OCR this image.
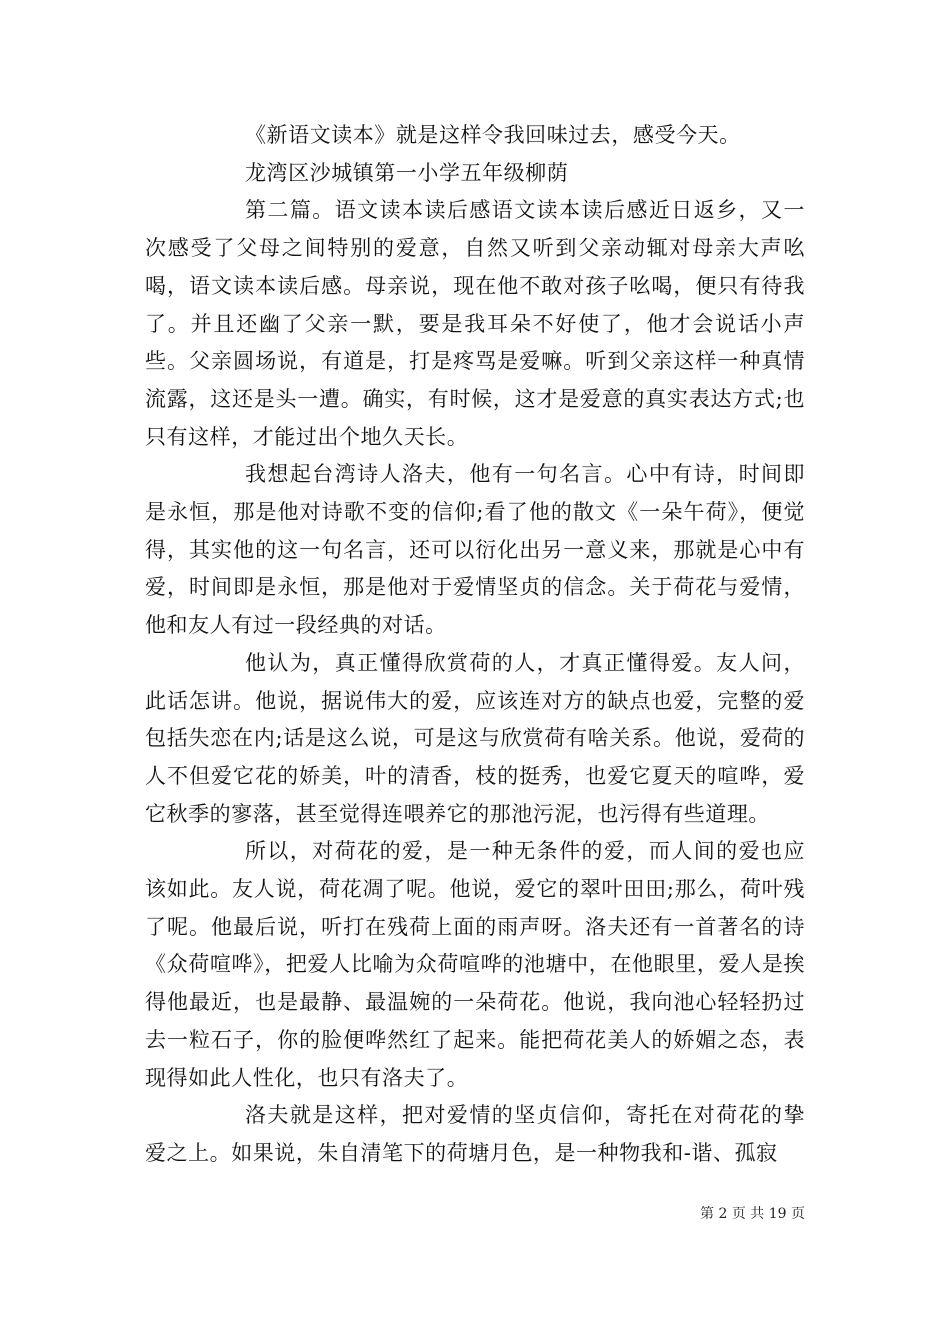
《新语文读本》就是这样令我回味过去，感受今天。

龙湾区沙城镇第一小学五年级柳荫

第二篇。语文读本读后感语文读本读后感近日返乡，又一次感受了父母之间特别的爱意，自然又听到父亲动辄对母亲大声吆喝，语文读本读后感。母亲说，现在他不敢对孩子吆喝，便只有待我了。并且还幽了父亲一默，要是我耳朵不好使了，他才会说话小声些。父亲圆场说，有道是，打是疼骂是爱嘛。听到父亲这样一种真情流露，这还是头一遭。确实，有时候，这才是爱意的真实表达方式;也只有这样，才能过出个地久天长。

我想起台湾诗人洛夫，他有一句名言。心中有诗，时间即是永恒，那是他对诗歌不变的信仰;看了他的散文《一朵午荷》，便觉得，其实他的这一句名言，还可以衍化出另一意义来，那就是心中有爱，时间即是永恒，那是他对于爱情坚贞的信念。关于荷花与爱情，他和友人有过一段经典的对话。

他认为，真正懂得欣赏荷的人，才真正懂得爱。友人问，此话怎讲。他说，据说伟大的爱，应该连对方的缺点也爱，完整的爱包括失恋在内;话是这么说，可是这与欣赏荷有啥关系。他说，爱荷的人不但爱它花的娇美，叶的清香，枝的挺秀，也爱它夏天的喧哗，爱它秋季的寥落，甚至觉得连喂养它的那池污泥，也污得有些道理。

所以，对荷花的爱，是一种无条件的爱，而人间的爱也应该如此。友人说，荷花凋了呢。他说，爱它的翠叶田田;那么，荷叶残了呢。他最后说，听打在残荷上面的雨声呀。洛夫还有一首著名的诗《众荷喧哗》，把爱人比喻为众荷喧哗的池塘中，在他眼里，爱人是挨得他最近，也是最静、最温婉的一朵荷花。他说，我向池心轻轻扔过去一粒石子，你的脸便哗然红了起来。能把荷花美人的娇媚之态，表现得如此人性化，也只有洛夫了。

洛夫就是这样，把对爱情的坚贞信仰，寄托在对荷花的挚爱之上。如果说，朱自清笔下的荷塘月色，是一种物我和-谐、孤寂

第 2 页 共 19 页
